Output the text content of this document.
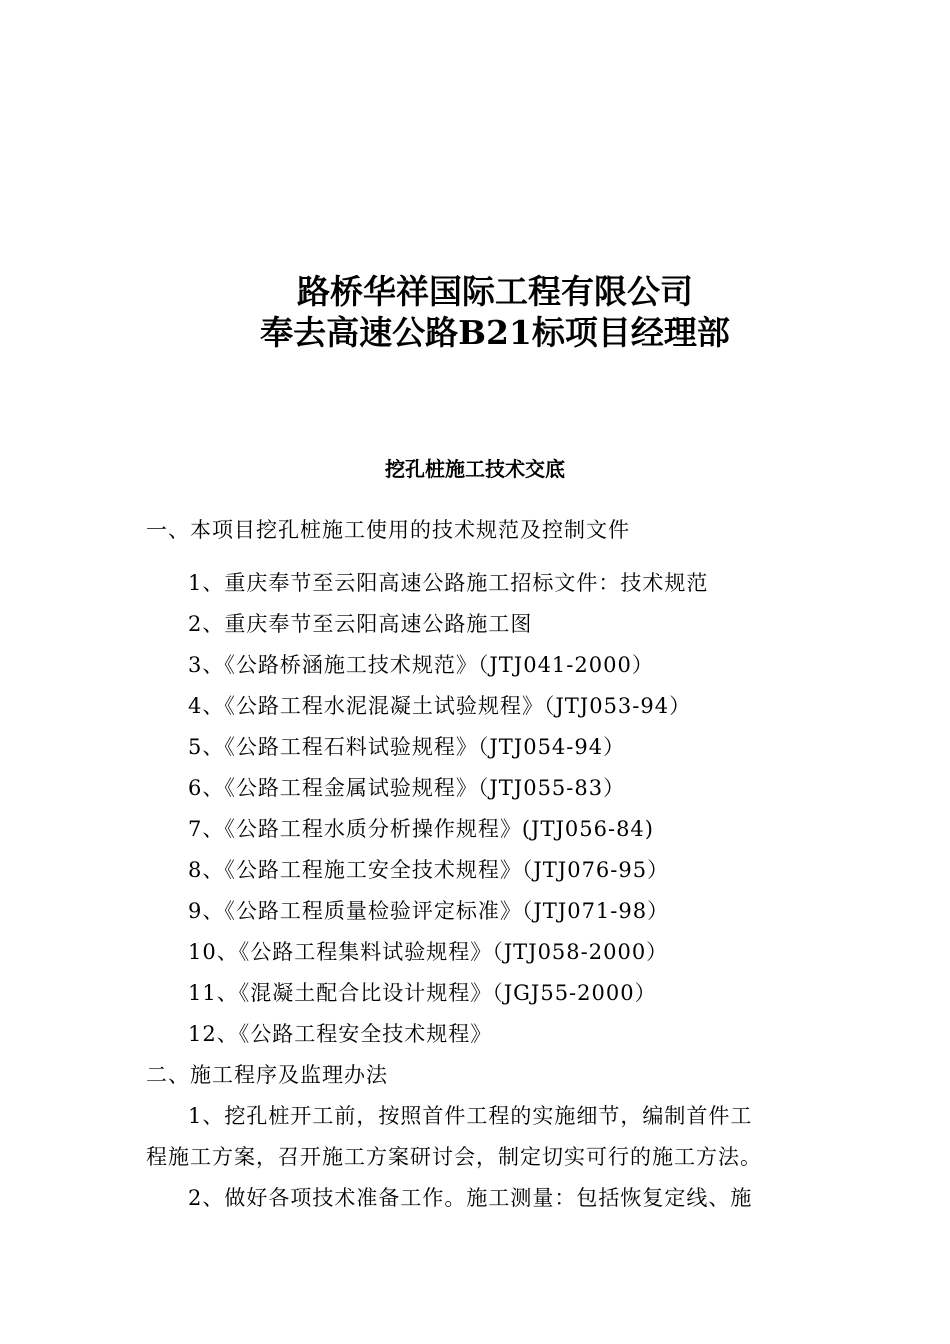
路桥华祥国际工程有限公司
奉去高速公路B21标项目经理部
挖孔桩施工技术交底
一、本项目挖孔桩施工使用的技术规范及控制文件
1、重庆奉节至云阳高速公路施工招标文件：技术规范
2、重庆奉节至云阳高速公路施工图
3、《公路桥涵施工技术规范》（JTJ041-2000）
4、《公路工程水泥混凝土试验规程》（JTJ053-94）
5、《公路工程石料试验规程》（JTJ054-94）
6、《公路工程金属试验规程》（JTJ055-83）
7、《公路工程水质分析操作规程》(JTJ056-84)
8、《公路工程施工安全技术规程》（JTJ076-95）
9、《公路工程质量检验评定标准》（JTJ071-98）
10、《公路工程集料试验规程》（JTJ058-2000）
11、《混凝土配合比设计规程》（JGJ55-2000）
12、《公路工程安全技术规程》
二、施工程序及监理办法
1、挖孔桩开工前，按照首件工程的实施细节，编制首件工
程施工方案，召开施工方案研讨会，制定切实可行的施工方法。
2、做好各项技术准备工作。施工测量：包括恢复定线、施
